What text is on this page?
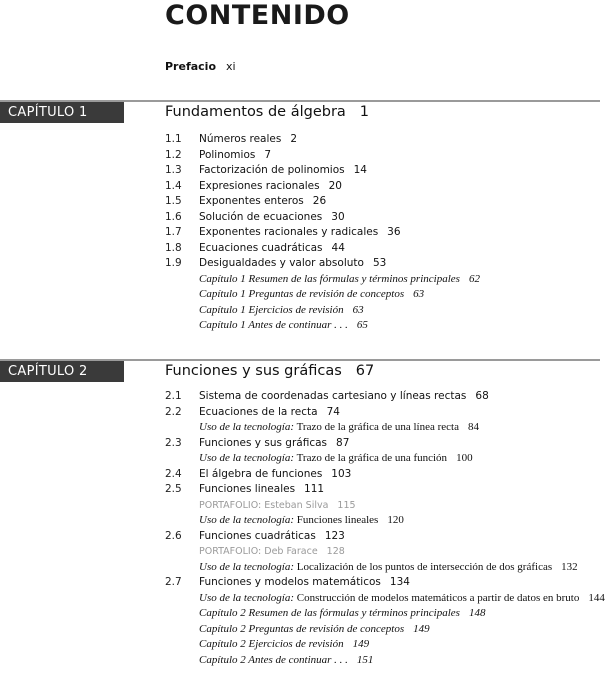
CONTENIDO
Prefacio xi
CAPÍTULO 1	Fundamentos de álgebra 1
1.1	Números reales 2
1.2	Polinomios 7
1.3	Factorización de polinomios 14
1.4	Expresiones racionales 20
1.5	Exponentes enteros 26
1.6	Solución de ecuaciones 30
1.7	Exponentes racionales y radicales 36
1.8	Ecuaciones cuadráticas 44
1.9	Desigualdades y valor absoluto 53
Capítulo 1 Resumen de las fórmulas y términos principales 62
Capítulo 1 Preguntas de revisión de conceptos 63
Capítulo 1 Ejercicios de revisión 63
Capítulo 1 Antes de continuar . . . 65
CAPÍTULO 2	Funciones y sus gráficas 67
2.1	Sistema de coordenadas cartesiano y líneas rectas 68
2.2	Ecuaciones de la recta 74
Uso de la tecnología: Trazo de la gráfica de una línea recta 84
2.3	Funciones y sus gráficas 87
Uso de la tecnología: Trazo de la gráfica de una función 100
2.4	El álgebra de funciones 103
2.5	Funciones lineales 111
PORTAFOLIO: Esteban Silva 115
Uso de la tecnología: Funciones lineales 120
2.6	Funciones cuadráticas 123
PORTAFOLIO: Deb Farace 128
Uso de la tecnología: Localización de los puntos de intersección de dos gráficas 132
2.7	Funciones y modelos matemáticos 134
Uso de la tecnología: Construcción de modelos matemáticos a partir de datos en bruto 144
Capítulo 2 Resumen de las fórmulas y términos principales 148
Capítulo 2 Preguntas de revisión de conceptos 149
Capítulo 2 Ejercicios de revisión 149
Capítulo 2 Antes de continuar . . . 151
